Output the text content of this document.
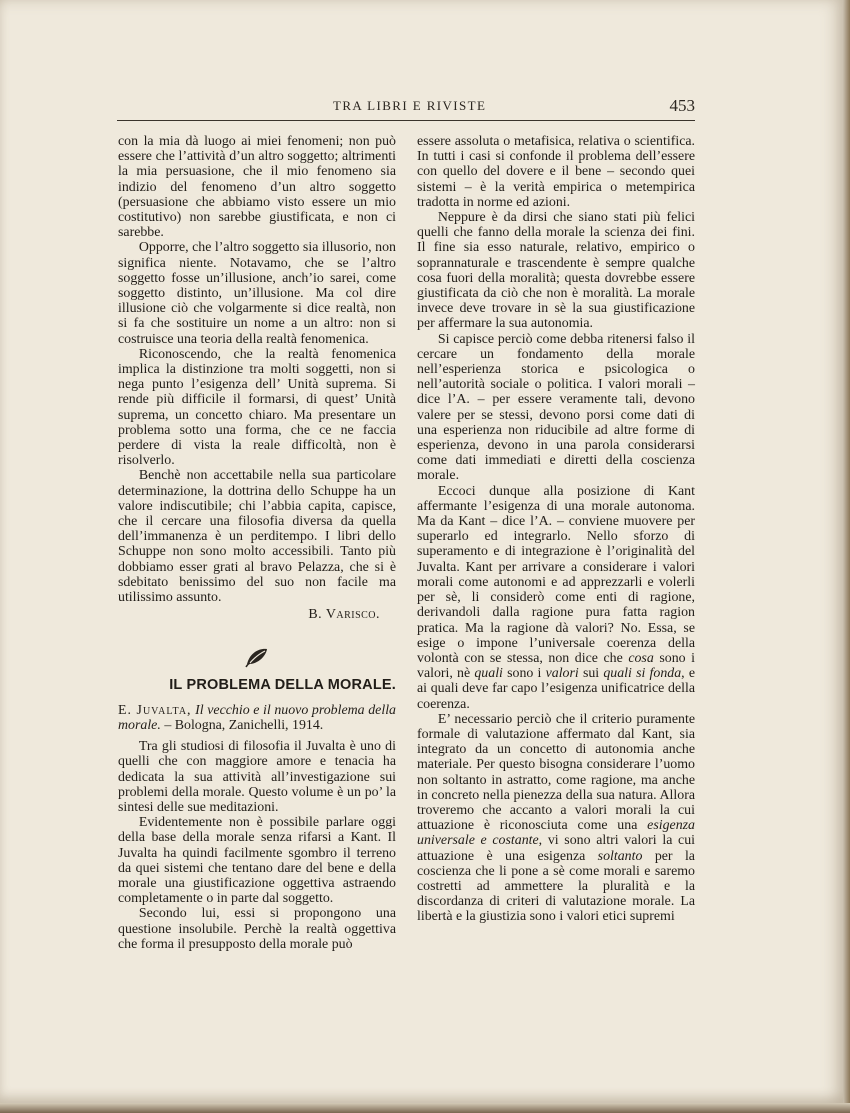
TRA LIBRI E RIVISTE	453

con la mia dà luogo ai miei fenomeni; non può essere che l’attività d’un altro soggetto; altrimenti la mia persuasione, che il mio fenomeno sia indizio del fenomeno d’un altro soggetto (persuasione che abbiamo visto essere un mio costitutivo) non sarebbe giustificata, e non ci sarebbe.

Opporre, che l’altro soggetto sia illusorio, non significa niente. Notavamo, che se l’altro soggetto fosse un’illusione, anch’io sarei, come soggetto distinto, un’illusione. Ma col dire illusione ciò che volgarmente si dice realtà, non si fa che sostituire un nome a un altro: non si costruisce una teoria della realtà fenomenica.

Riconoscendo, che la realtà fenomenica implica la distinzione tra molti soggetti, non si nega punto l’esigenza dell’ Unità suprema. Si rende più difficile il formarsi, di quest’ Unità suprema, un concetto chiaro. Ma presentare un problema sotto una forma, che ce ne faccia perdere di vista la reale difficoltà, non è risolverlo.

Benchè non accettabile nella sua particolare determinazione, la dottrina dello Schuppe ha un valore indiscutibile; chi l’abbia capita, capisce, che il cercare una filosofia diversa da quella dell’immanenza è un perditempo. I libri dello Schuppe non sono molto accessibili. Tanto più dobbiamo esser grati al bravo Pelazza, che si è sdebitato benissimo del suo non facile ma utilissimo assunto.

B. Varisco.

IL PROBLEMA DELLA MORALE.

E. Juvalta, Il vecchio e il nuovo problema della morale. – Bologna, Zanichelli, 1914.

Tra gli studiosi di filosofia il Juvalta è uno di quelli che con maggiore amore e tenacia ha dedicata la sua attività all’investigazione sui problemi della morale. Questo volume è un po’ la sintesi delle sue meditazioni.

Evidentemente non è possibile parlare oggi della base della morale senza rifarsi a Kant. Il Juvalta ha quindi facilmente sgombro il terreno da quei sistemi che tentano dare del bene e della morale una giustificazione oggettiva astraendo completamente o in parte dal soggetto.

Secondo lui, essi si propongono una questione insolubile. Perchè la realtà oggettiva che forma il presupposto della morale può

essere assoluta o metafisica, relativa o scientifica. In tutti i casi si confonde il problema dell’essere con quello del dovere e il bene – secondo quei sistemi – è la verità empirica o metempirica tradotta in norme ed azioni.

Neppure è da dirsi che siano stati più felici quelli che fanno della morale la scienza dei fini. Il fine sia esso naturale, relativo, empirico o soprannaturale e trascendente è sempre qualche cosa fuori della moralità; questa dovrebbe essere giustificata da ciò che non è moralità. La morale invece deve trovare in sè la sua giustificazione per affermare la sua autonomia.

Si capisce perciò come debba ritenersi falso il cercare un fondamento della morale nell’esperienza storica e psicologica o nell’autorità sociale o politica. I valori morali – dice l’A. – per essere veramente tali, devono valere per se stessi, devono porsi come dati di una esperienza non riducibile ad altre forme di esperienza, devono in una parola considerarsi come dati immediati e diretti della coscienza morale.

Eccoci dunque alla posizione di Kant affermante l’esigenza di una morale autonoma. Ma da Kant – dice l’A. – conviene muovere per superarlo ed integrarlo. Nello sforzo di superamento e di integrazione è l’originalità del Juvalta. Kant per arrivare a considerare i valori morali come autonomi e ad apprezzarli e volerli per sè, li considerò come enti di ragione, derivandoli dalla ragione pura fatta ragion pratica. Ma la ragione dà valori? No. Essa, se esige o impone l’universale coerenza della volontà con se stessa, non dice che cosa sono i valori, nè quali sono i valori sui quali si fonda, e ai quali deve far capo l’esigenza unificatrice della coerenza.

E’ necessario perciò che il criterio puramente formale di valutazione affermato dal Kant, sia integrato da un concetto di autonomia anche materiale. Per questo bisogna considerare l’uomo non soltanto in astratto, come ragione, ma anche in concreto nella pienezza della sua natura. Allora troveremo che accanto a valori morali la cui attuazione è riconosciuta come una esigenza universale e costante, vi sono altri valori la cui attuazione è una esigenza soltanto per la coscienza che li pone a sè come morali e saremo costretti ad ammettere la pluralità e la discordanza di criteri di valutazione morale. La libertà e la giustizia sono i valori etici supremi
